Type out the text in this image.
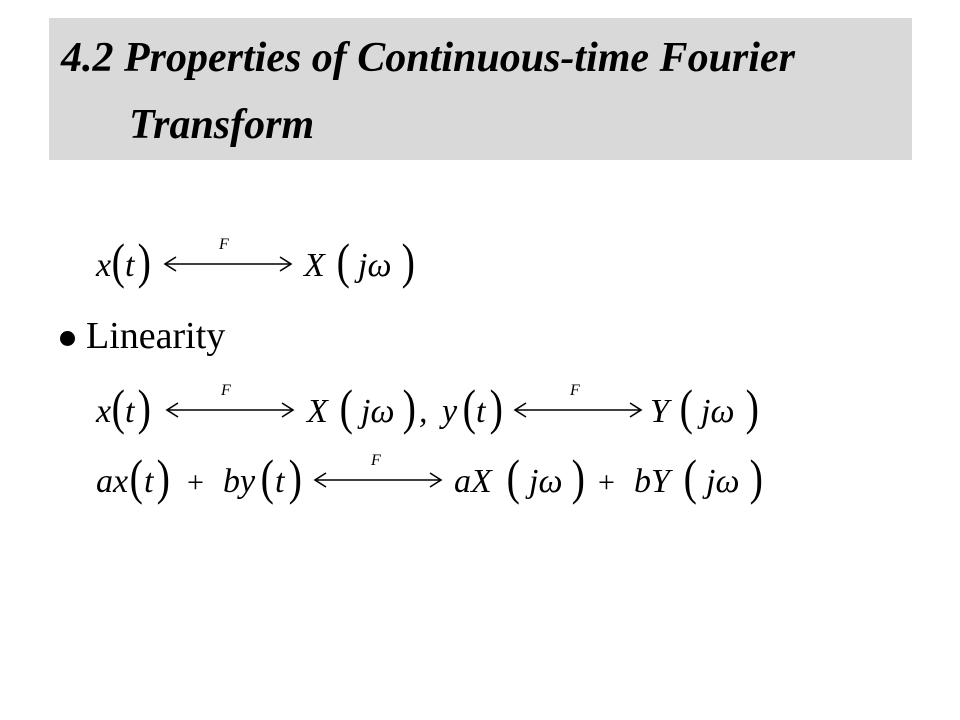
4.2 Properties of Continuous-time Fourier
Transform
x ( t )	F
X ( jω )
Linearity
x ( t )	F
X ( jω ) , y ( t )	F
Y ( jω )
ax ( t ) + by ( t )	F
aX ( jω ) + bY ( jω )
